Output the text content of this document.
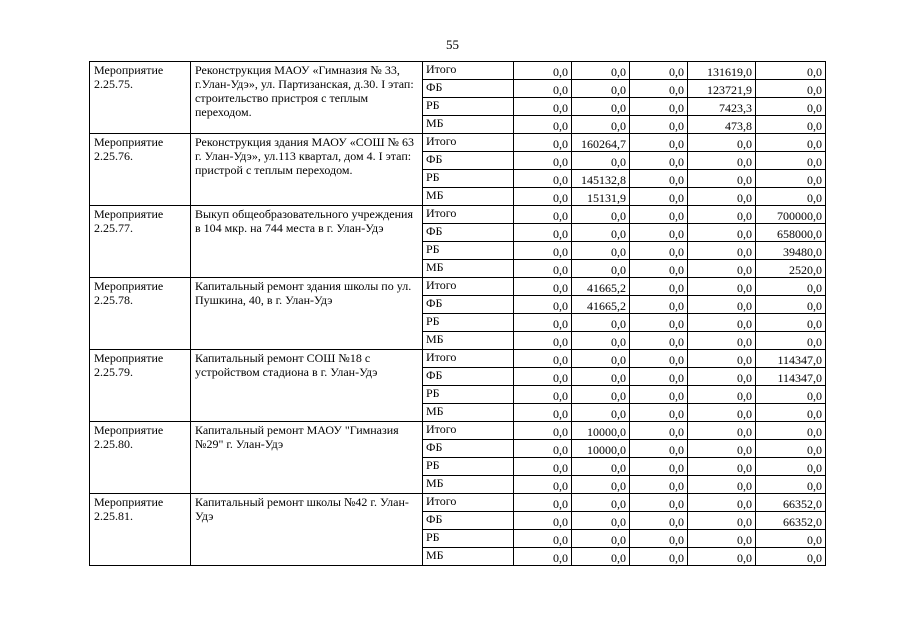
55
Мероприятие 2.25.75.	Реконструкция МАОУ «Гимназия № 33, г.Улан-Удэ», ул. Партизанская, д.30. I этап: строительство пристроя с теплым переходом.	Итого	0,0	0,0	0,0	131619,0	0,0
		ФБ	0,0	0,0	0,0	123721,9	0,0
		РБ	0,0	0,0	0,0	7423,3	0,0
		МБ	0,0	0,0	0,0	473,8	0,0
Мероприятие 2.25.76.	Реконструкция здания МАОУ «СОШ № 63 г. Улан-Удэ», ул.113 квартал, дом 4. I этап: пристрой с теплым переходом.	Итого	0,0	160264,7	0,0	0,0	0,0
		ФБ	0,0	0,0	0,0	0,0	0,0
		РБ	0,0	145132,8	0,0	0,0	0,0
		МБ	0,0	15131,9	0,0	0,0	0,0
Мероприятие 2.25.77.	Выкуп общеобразовательного учреждения в 104 мкр. на 744 места в г. Улан-Удэ	Итого	0,0	0,0	0,0	0,0	700000,0
		ФБ	0,0	0,0	0,0	0,0	658000,0
		РБ	0,0	0,0	0,0	0,0	39480,0
		МБ	0,0	0,0	0,0	0,0	2520,0
Мероприятие 2.25.78.	Капитальный ремонт здания школы по ул. Пушкина, 40, в г. Улан-Удэ	Итого	0,0	41665,2	0,0	0,0	0,0
		ФБ	0,0	41665,2	0,0	0,0	0,0
		РБ	0,0	0,0	0,0	0,0	0,0
		МБ	0,0	0,0	0,0	0,0	0,0
Мероприятие 2.25.79.	Капитальный ремонт СОШ №18 с устройством стадиона в г. Улан-Удэ	Итого	0,0	0,0	0,0	0,0	114347,0
		ФБ	0,0	0,0	0,0	0,0	114347,0
		РБ	0,0	0,0	0,0	0,0	0,0
		МБ	0,0	0,0	0,0	0,0	0,0
Мероприятие 2.25.80.	Капитальный ремонт МАОУ "Гимназия №29" г. Улан-Удэ	Итого	0,0	10000,0	0,0	0,0	0,0
		ФБ	0,0	10000,0	0,0	0,0	0,0
		РБ	0,0	0,0	0,0	0,0	0,0
		МБ	0,0	0,0	0,0	0,0	0,0
Мероприятие 2.25.81.	Капитальный ремонт школы №42 г. Улан-Удэ	Итого	0,0	0,0	0,0	0,0	66352,0
		ФБ	0,0	0,0	0,0	0,0	66352,0
		РБ	0,0	0,0	0,0	0,0	0,0
		МБ	0,0	0,0	0,0	0,0	0,0
